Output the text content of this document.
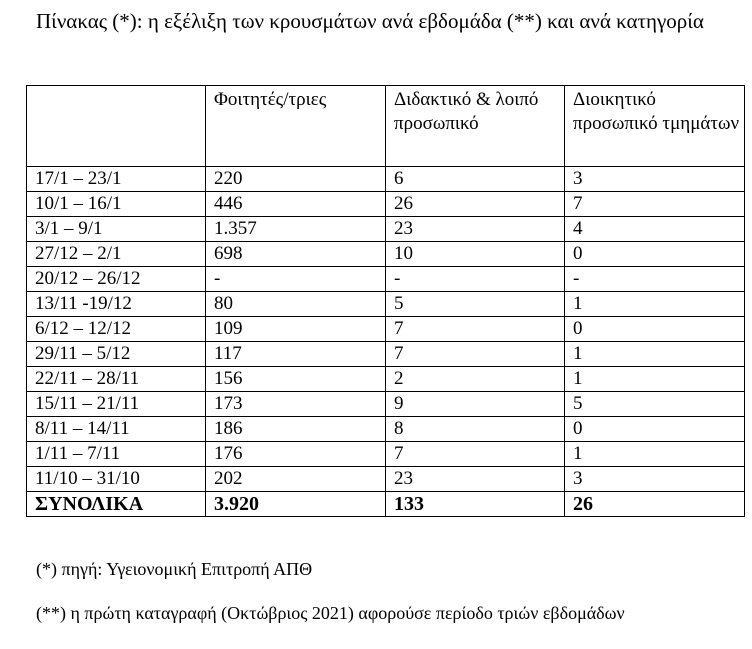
Πίνακας (*): η εξέλιξη των κρουσμάτων ανά εβδομάδα (**) και ανά κατηγορία
	Φοιτητές/τριες	Διδακτικό & λοιπό προσωπικό	Διοικητικό προσωπικό τμημάτων
17/1 – 23/1	220	6	3
10/1 – 16/1	446	26	7
3/1 – 9/1	1.357	23	4
27/12 – 2/1	698	10	0
20/12 – 26/12	-	-	-
13/11 -19/12	80	5	1
6/12 – 12/12	109	7	0
29/11 – 5/12	117	7	1
22/11 – 28/11	156	2	1
15/11 – 21/11	173	9	5
8/11 – 14/11	186	8	0
1/11 – 7/11	176	7	1
11/10 – 31/10	202	23	3
ΣΥΝΟΛΙΚΑ	3.920	133	26
(*) πηγή: Υγειονομική Επιτροπή ΑΠΘ
(**) η πρώτη καταγραφή (Οκτώβριος 2021) αφορούσε περίοδο τριών εβδομάδων
